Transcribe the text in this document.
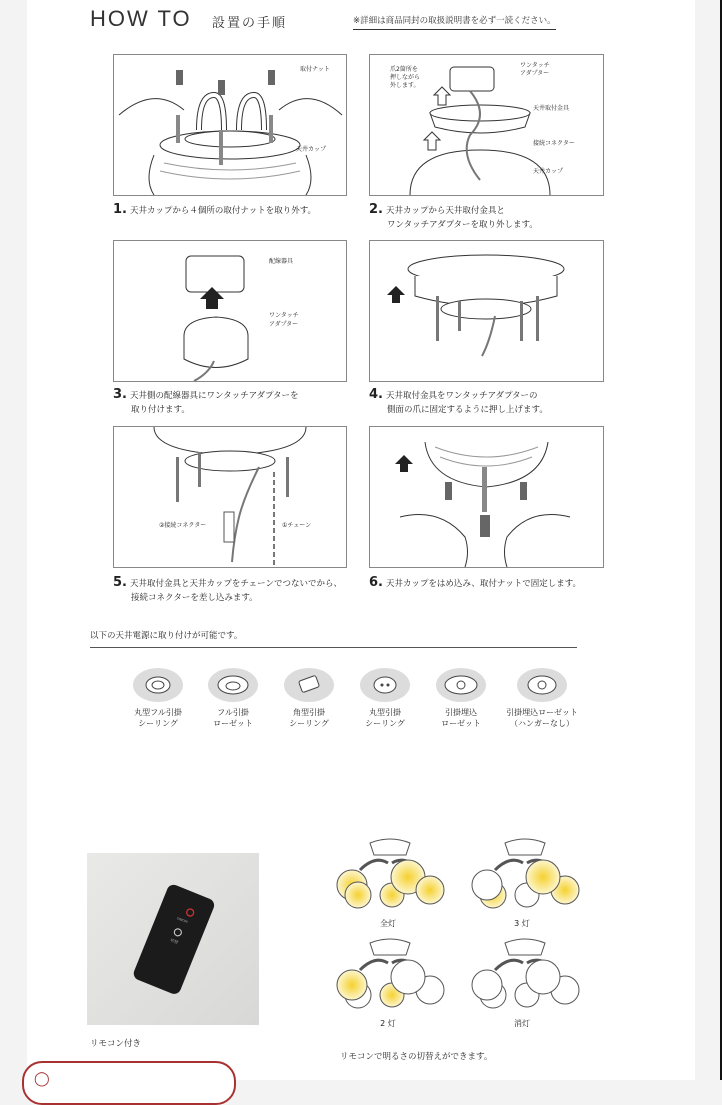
HOW TO 設置の手順	※詳細は商品同封の取扱説明書を必ず一読ください。
取付ナット
天井カップ
爪2箇所を
押しながら
外します。
ワンタッチ
アダプター
天井取付金具
接続コネクター
天井カップ
1. 天井カップから４個所の取付ナットを取り外す。	2. 天井カップから天井取付金具と
ワンタッチアダプターを取り外します。
配線器具
ワンタッチ
アダプター
3. 天井側の配線器具にワンタッチアダプターを
取り付けます。
4. 天井取付金具をワンタッチアダプターの
側面の爪に固定するように押し上げます。
②接続コネクター	①チェーン
5. 天井取付金具と天井カップをチェーンでつないでから、
接続コネクターを差し込みます。
6. 天井カップをはめ込み、取付ナットで固定します。
以下の天井電源に取り付けが可能です。
丸型フル引掛
シーリング
フル引掛
ローゼット
角型引掛
シーリング
丸型引掛
シーリング
引掛埋込
ローゼット
引掛埋込ローゼット
（ハンガーなし）
ON/OFF
切替
リモコン付き
全灯	3 灯
2 灯	消灯
リモコンで明るさの切替えができます。
◯
